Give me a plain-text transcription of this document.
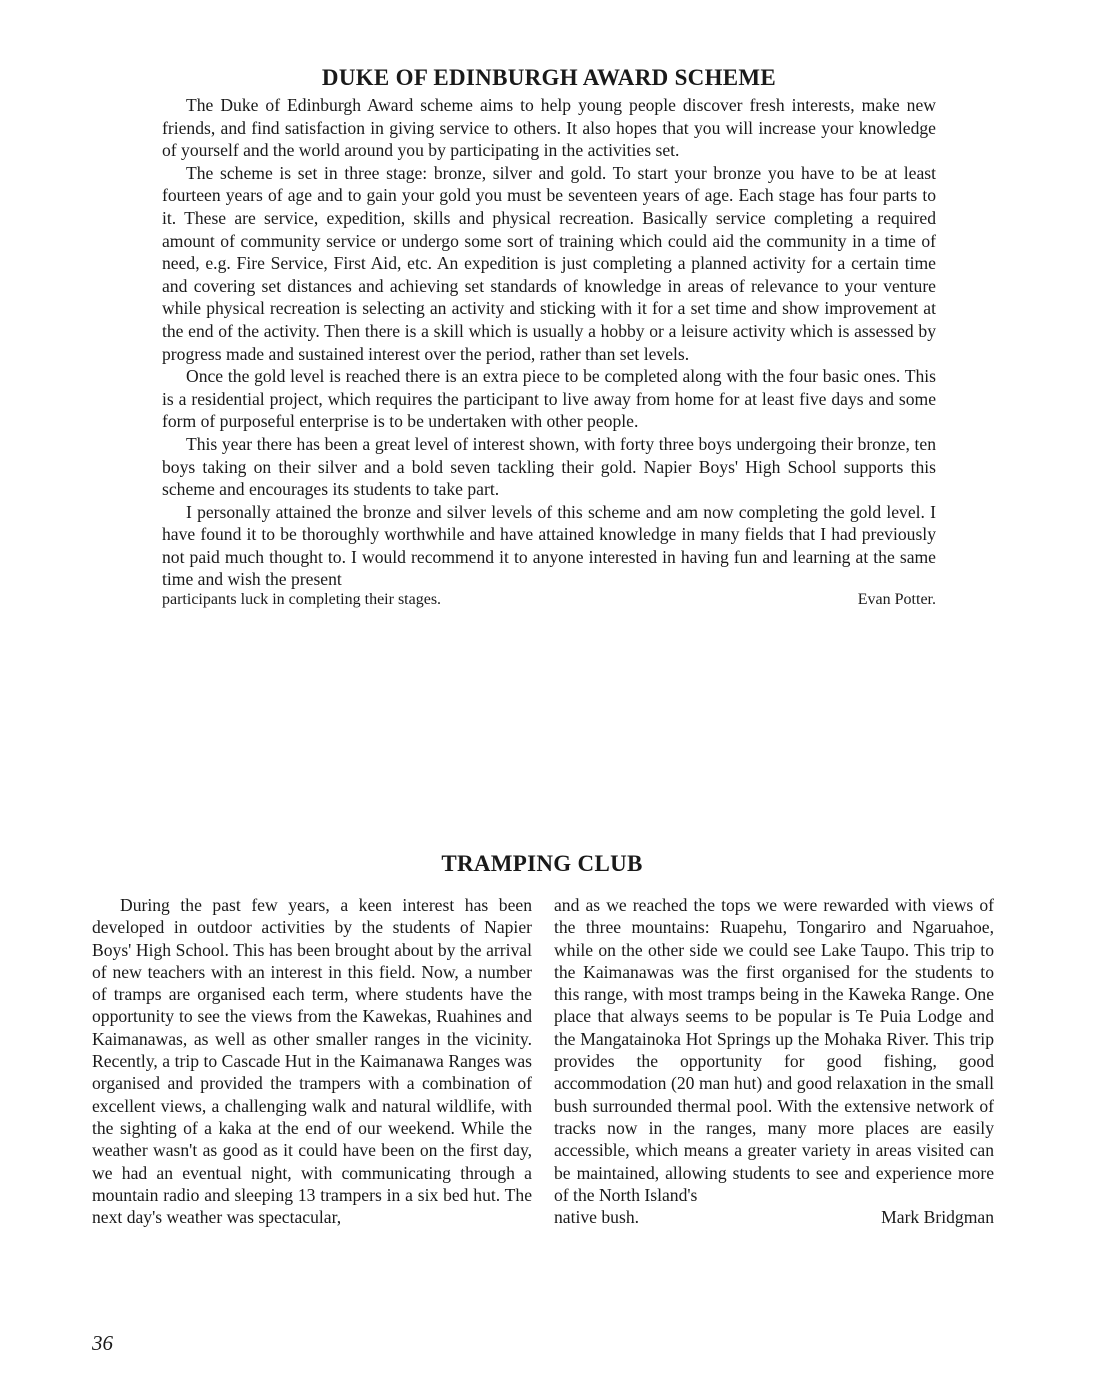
DUKE OF EDINBURGH AWARD SCHEME

The Duke of Edinburgh Award scheme aims to help young people discover fresh interests, make new friends, and find satisfaction in giving service to others. It also hopes that you will increase your knowledge of yourself and the world around you by participating in the activities set.

The scheme is set in three stage: bronze, silver and gold. To start your bronze you have to be at least fourteen years of age and to gain your gold you must be seventeen years of age. Each stage has four parts to it. These are service, expedition, skills and physical recreation. Basically service completing a required amount of community service or undergo some sort of training which could aid the community in a time of need, e.g. Fire Service, First Aid, etc. An expedition is just completing a planned activity for a certain time and covering set distances and achieving set standards of knowledge in areas of relevance to your venture while physical recreation is selecting an activity and sticking with it for a set time and show improvement at the end of the activity. Then there is a skill which is usually a hobby or a leisure activity which is assessed by progress made and sustained interest over the period, rather than set levels.

Once the gold level is reached there is an extra piece to be completed along with the four basic ones. This is a residential project, which requires the participant to live away from home for at least five days and some form of purposeful enterprise is to be undertaken with other people.

This year there has been a great level of interest shown, with forty three boys undergoing their bronze, ten boys taking on their silver and a bold seven tackling their gold. Napier Boys' High School supports this scheme and encourages its students to take part.

I personally attained the bronze and silver levels of this scheme and am now completing the gold level. I have found it to be thoroughly worthwhile and have attained knowledge in many fields that I had previously not paid much thought to. I would recommend it to anyone interested in having fun and learning at the same time and wish the present

participants luck in completing their stages.	Evan Potter.
TRAMPING CLUB

During the past few years, a keen interest has been developed in outdoor activities by the students of Napier Boys' High School. This has been brought about by the arrival of new teachers with an interest in this field. Now, a number of tramps are organised each term, where students have the opportunity to see the views from the Kawekas, Ruahines and Kaimanawas, as well as other smaller ranges in the vicinity. Recently, a trip to Cascade Hut in the Kaimanawa Ranges was organised and provided the trampers with a combination of excellent views, a challenging walk and natural wildlife, with the sighting of a kaka at the end of our weekend. While the weather wasn't as good as it could have been on the first day, we had an eventual night, with communicating through a mountain radio and sleeping 13 trampers in a six bed hut. The next day's weather was spectacular,

and as we reached the tops we were rewarded with views of the three mountains: Ruapehu, Tongariro and Ngaruahoe, while on the other side we could see Lake Taupo. This trip to the Kaimanawas was the first organised for the students to this range, with most tramps being in the Kaweka Range. One place that always seems to be popular is Te Puia Lodge and the Mangatainoka Hot Springs up the Mohaka River. This trip provides the opportunity for good fishing, good accommodation (20 man hut) and good relaxation in the small bush surrounded thermal pool. With the extensive network of tracks now in the ranges, many more places are easily accessible, which means a greater variety in areas visited can be maintained, allowing students to see and experience more of the North Island's

native bush.	Mark Bridgman
36
